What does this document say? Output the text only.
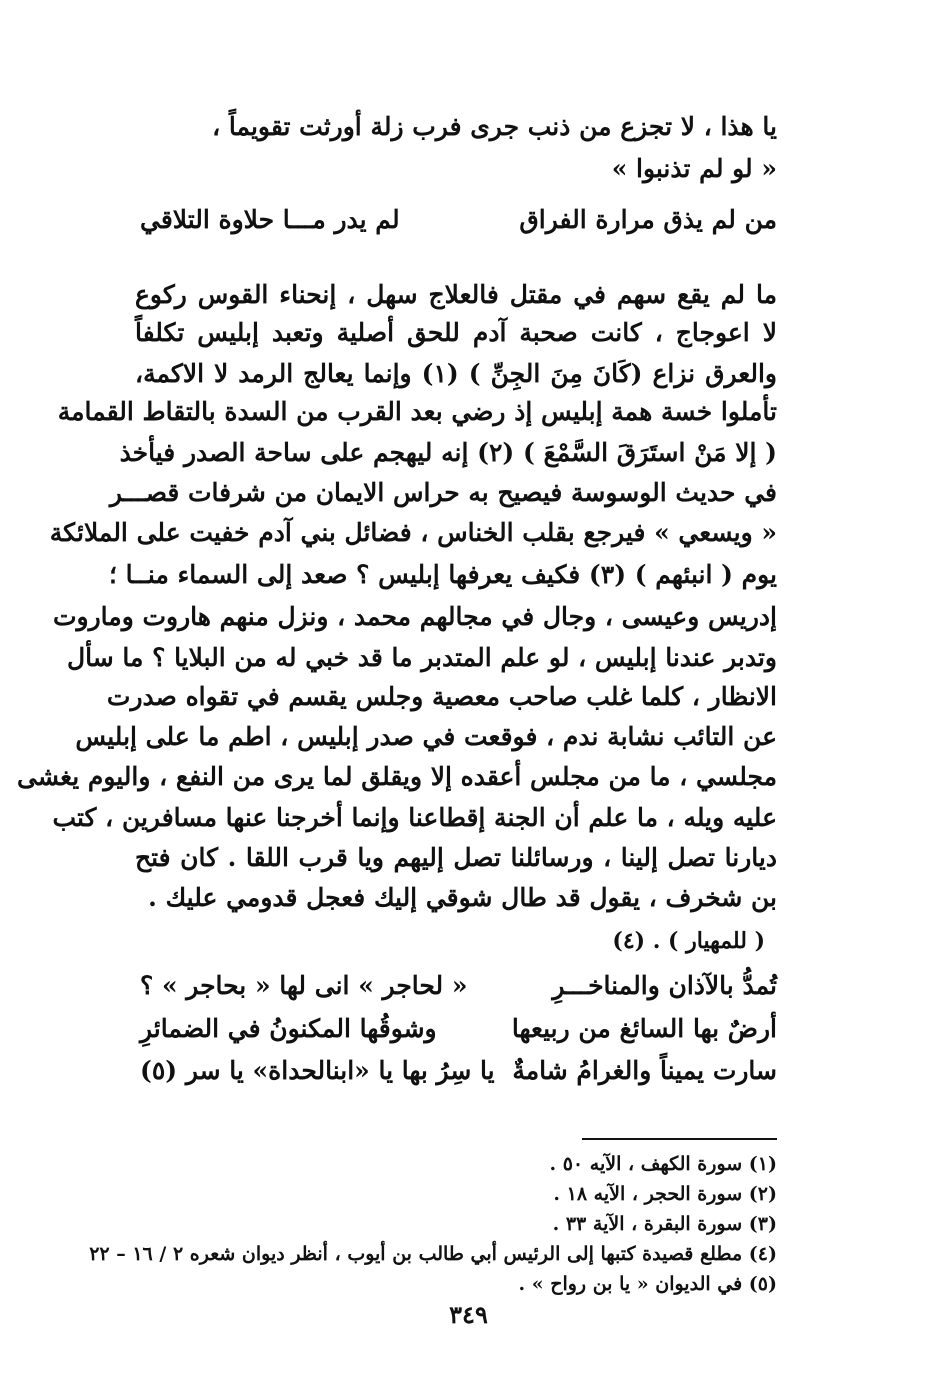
يا هذا ، لا تجزع من ذنب جرى فرب زلة أورثت تقويماً ،
« لو لم تذنبوا »
من لم يذق مرارة الفراق
لم يدر مـــا حلاوة التلاقي
ما لم يقع سهم في مقتل فالعلاج سهل ، إنحناء القوس ركوع
لا اعوجاج ، كانت صحبة آدم للحق أصلية وتعبد إبليس تكلفاً
والعرق نزاع (كَانَ مِنَ الجِنِّ ) (١) وإنما يعالج الرمد لا الاكمة،
تأملوا خسة همة إبليس إذ رضي بعد القرب من السدة بالتقاط القمامة
( إلا مَنْ استَرَقَ السَّمْعَ ) (٢) إنه ليهجم على ساحة الصدر فيأخذ
في حديث الوسوسة فيصيح به حراس الايمان من شرفات قصـــر
« ويسعي » فيرجع بقلب الخناس ، فضائل بني آدم خفيت على الملائكة
يوم ( انبئهم ) (٣) فكيف يعرفها إبليس ؟ صعد إلى السماء منــا ؛
إدريس وعيسى ، وجال في مجالهم محمد ، ونزل منهم هاروت وماروت
وتدبر عندنا إبليس ، لو علم المتدبر ما قد خبي له من البلايا ؟ ما سأل
الانظار ، كلما غلب صاحب معصية وجلس يقسم في تقواه صدرت
عن التائب نشابة ندم ، فوقعت في صدر إبليس ، اطم ما على إبليس
مجلسي ، ما من مجلس أعقده إلا ويقلق لما يرى من النفع ، واليوم يغشى
عليه ويله ، ما علم أن الجنة إقطاعنا وإنما أخرجنا عنها مسافرين ، كتب
ديارنا تصل إلينا ، ورسائلنا تصل إليهم ويا قرب اللقا . كان فتح
بن شخرف ، يقول قد طال شوقي إليك فعجل قدومي عليك .
( للمهيار ) . (٤)
تُمدُّ بالآذان والمناخـــرِ
« لحاجر » انى لها « بحاجر » ؟
أرضٌ بها السائغ من ربيعها
وشوقُها المكنونُ في الضمائرِ
سارت يميناً والغرامُ شامةٌ
يا سِرُ بها يا «ابنالحداة» يا سر (٥)
(١) سورة الكهف ، الآيه ٥٠ .
(٢) سورة الحجر ، الآيه ١٨ .
(٣) سورة البقرة ، الآية ٣٣ .
(٤) مطلع قصيدة كتبها إلى الرئيس أبي طالب بن أيوب ، أنظر ديوان شعره ٢ / ١٦ – ٢٢
(٥) في الديوان « يا بن رواح » .
٣٤٩
